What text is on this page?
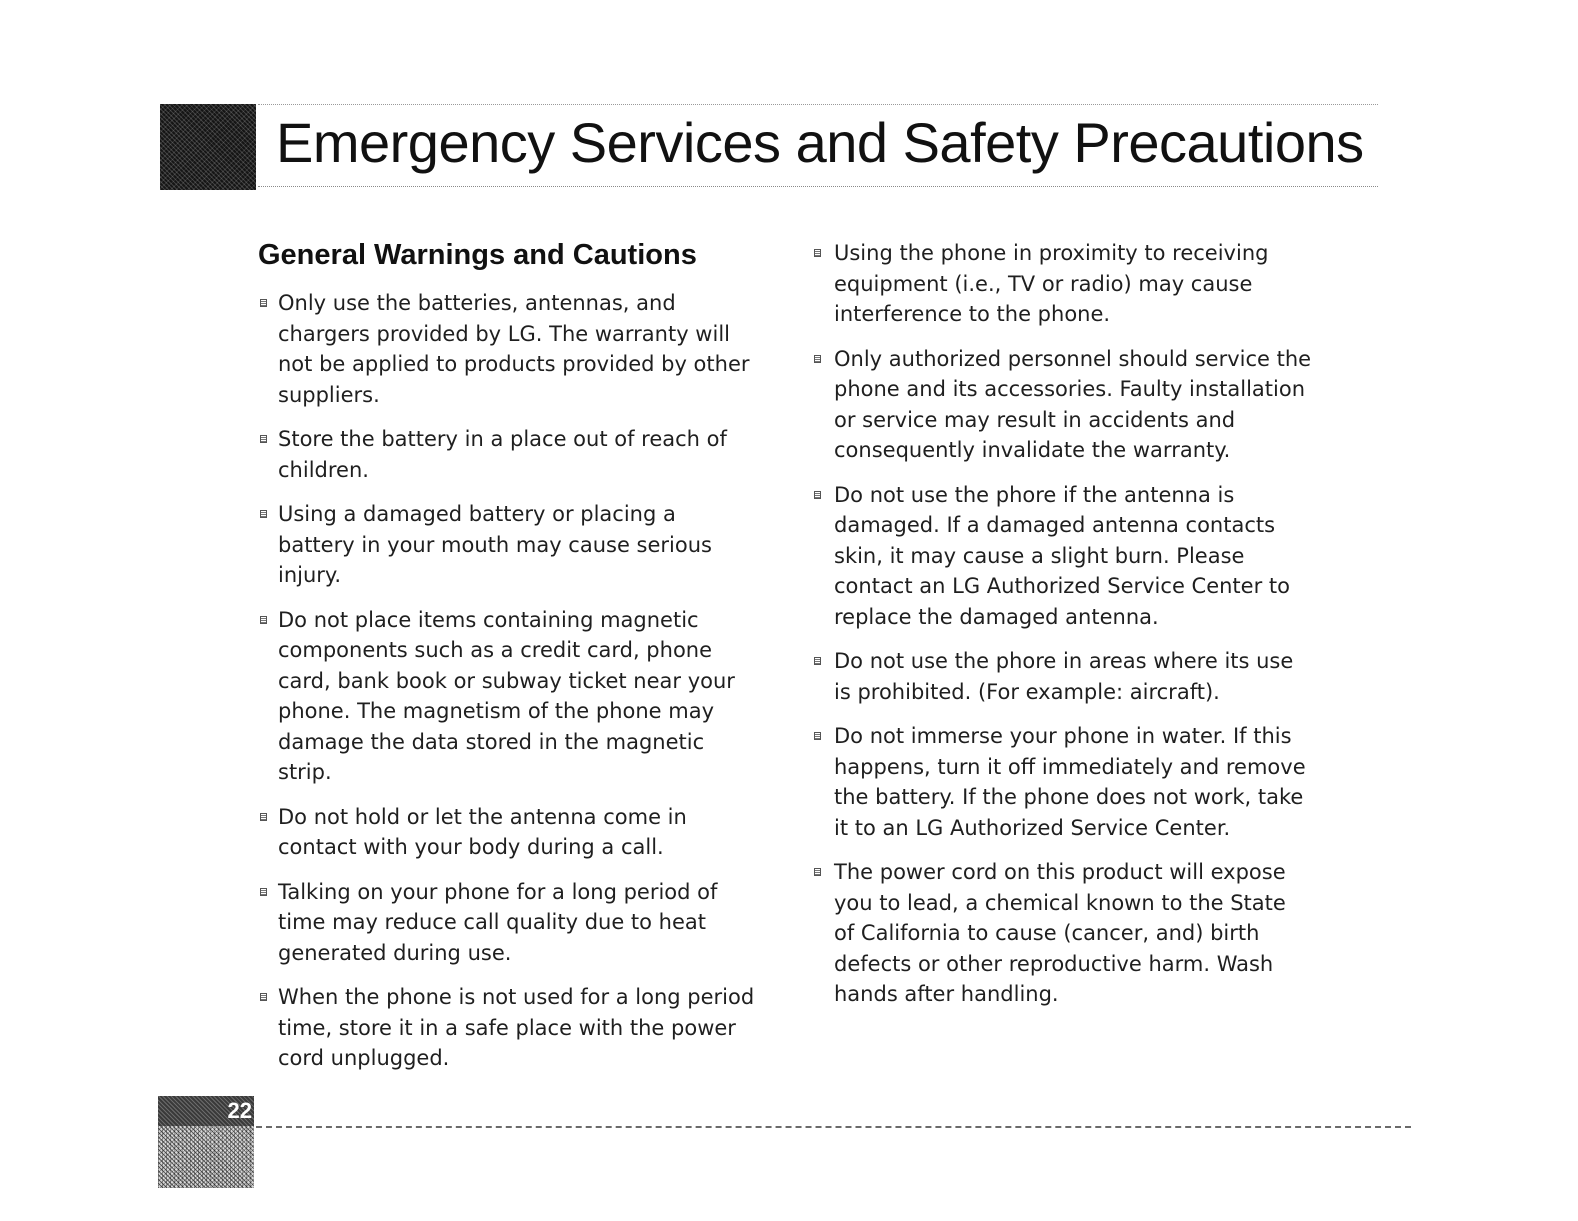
Emergency Services and Safety Precautions
General Warnings and Cautions
Only use the batteries, antennas, and chargers provided by LG. The warranty will not be applied to products provided by other suppliers.
Store the battery in a place out of reach of children.
Using a damaged battery or placing a battery in your mouth may cause serious injury.
Do not place items containing magnetic components such as a credit card, phone card, bank book or subway ticket near your phone. The magnetism of the phone may damage the data stored in the magnetic strip.
Do not hold or let the antenna come in contact with your body during a call.
Talking on your phone for a long period of time may reduce call quality due to heat generated during use.
When the phone is not used for a long period time, store it in a safe place with the power cord unplugged.
Using the phone in proximity to receiving equipment (i.e., TV or radio) may cause interference to the phone.
Only authorized personnel should service the phone and its accessories. Faulty installation or service may result in accidents and consequently invalidate the warranty.
Do not use the phore if the antenna is damaged. If a damaged antenna contacts skin, it may cause a slight burn. Please contact an LG Authorized Service Center to replace the damaged antenna.
Do not use the phore in areas where its use is prohibited. (For example: aircraft).
Do not immerse your phone in water. If this happens, turn it off immediately and remove the battery. If the phone does not work, take it to an LG Authorized Service Center.
The power cord on this product will expose you to lead, a chemical known to the State of California to cause (cancer, and) birth defects or other reproductive harm. Wash hands after handling.
22
